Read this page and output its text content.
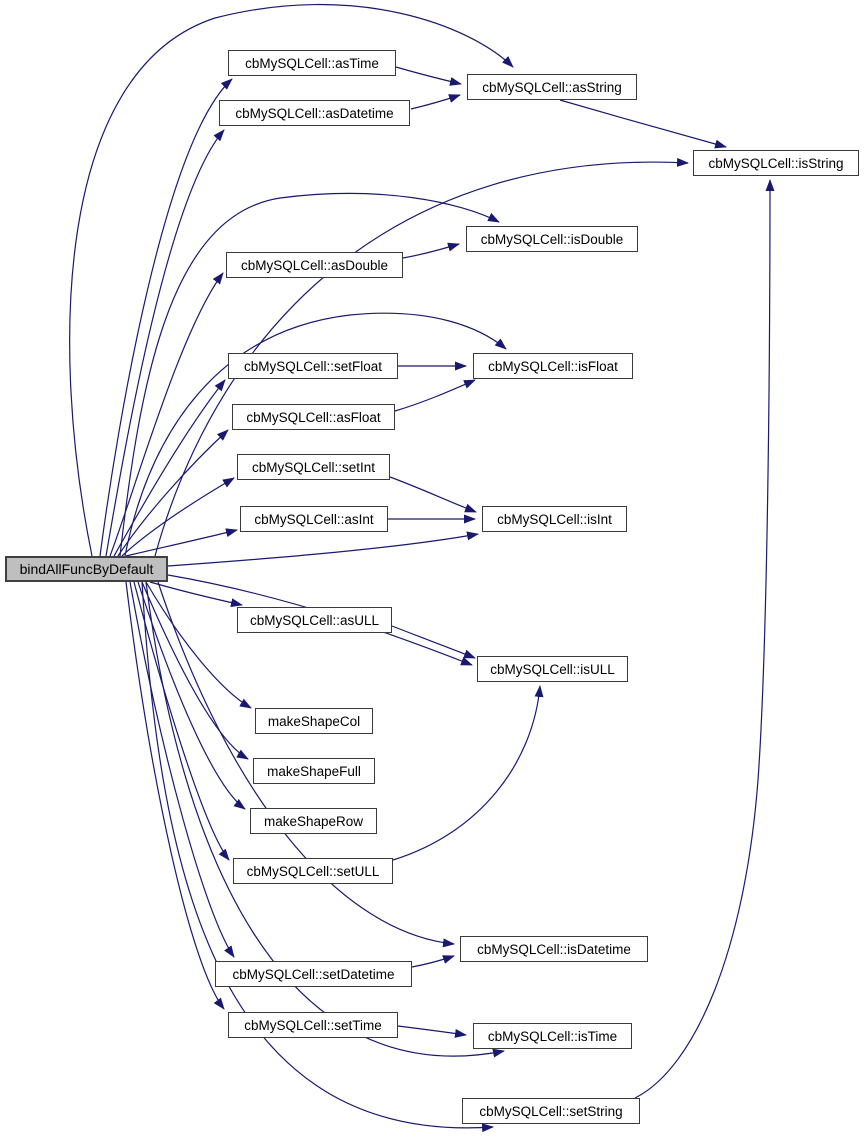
bindAllFuncByDefault
cbMySQLCell::asTime
cbMySQLCell::asDatetime
cbMySQLCell::asString
cbMySQLCell::isString
cbMySQLCell::isDouble
cbMySQLCell::asDouble
cbMySQLCell::setFloat	cbMySQLCell::isFloat
cbMySQLCell::asFloat
cbMySQLCell::setInt
cbMySQLCell::asInt	cbMySQLCell::isInt
cbMySQLCell::asULL
cbMySQLCell::isULL
makeShapeCol
makeShapeFull
makeShapeRow
cbMySQLCell::setULL
cbMySQLCell::isDatetime
cbMySQLCell::setDatetime
cbMySQLCell::setTime
cbMySQLCell::isTime
cbMySQLCell::setString
